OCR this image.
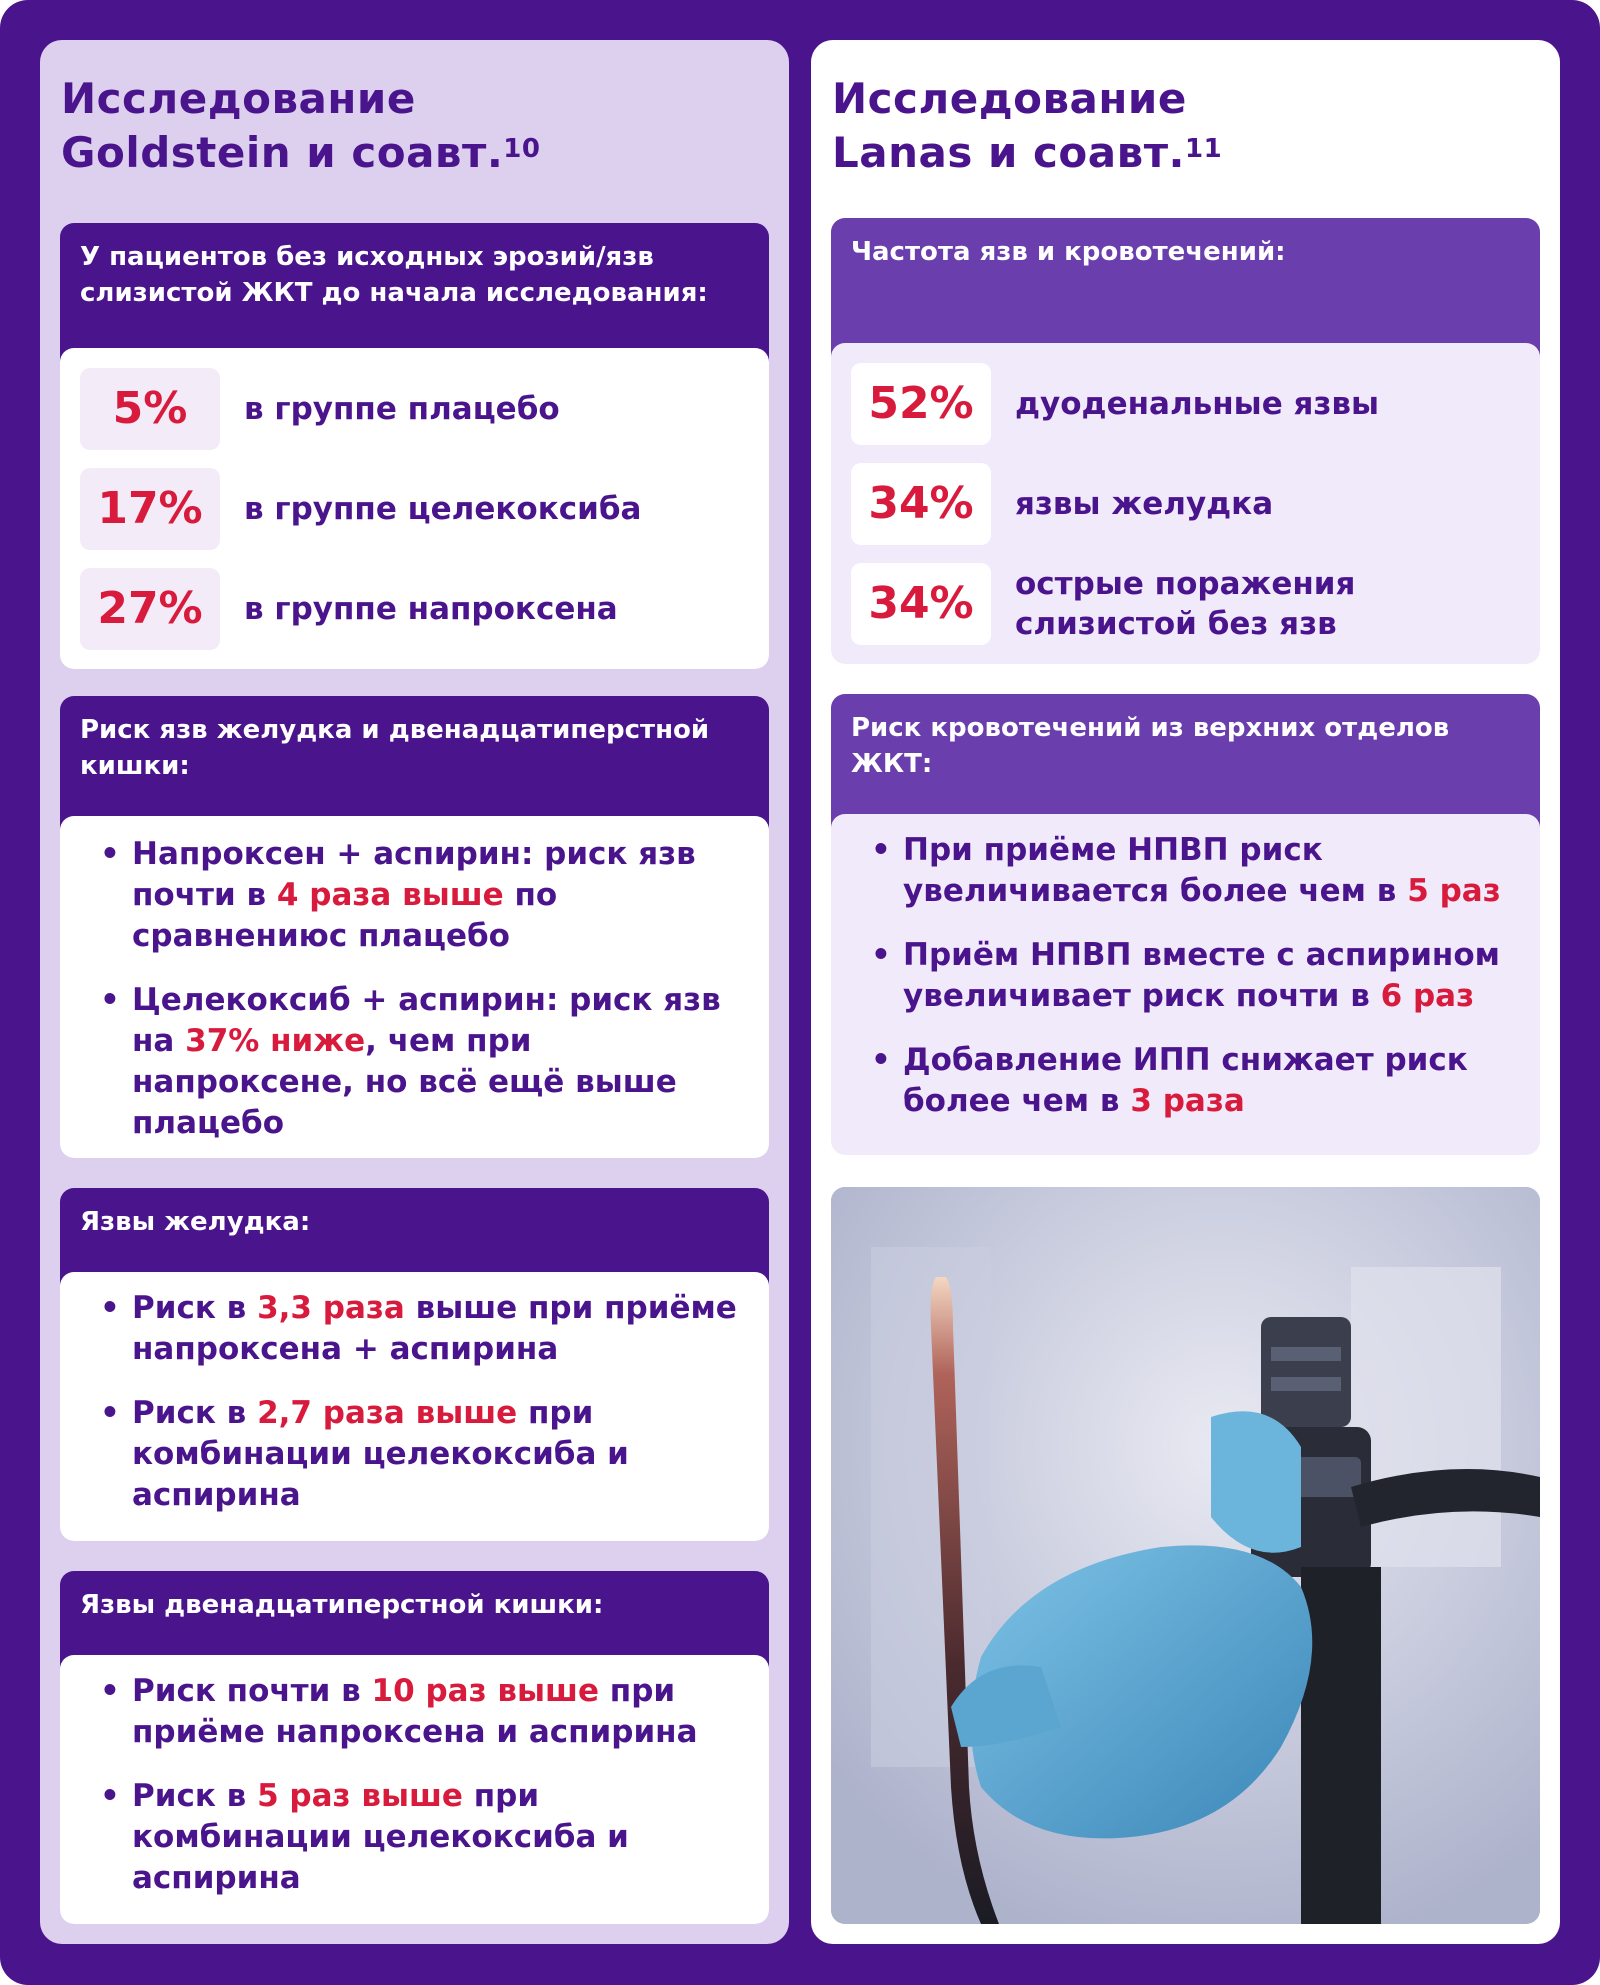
Исследование
Goldstein и соавт.$^{10}$
У пациентов без исходных эрозий/язв слизистой ЖКТ до начала исследования:
5%	в группе плацебо
17%	в группе целекоксиба
27%	в группе напроксена
Риск язв желудка и двенадцатиперстной кишки:
• Напроксен + аспирин: риск язв почти в 4 раза выше по сравнениюс плацебо
• Целекоксиб + аспирин: риск язв на 37% ниже, чем при напроксене, но всё ещё выше плацебо
Язвы желудка:
• Риск в 3,3 раза выше при приёме напроксена + аспирина
• Риск в 2,7 раза выше при комбинации целекоксиба и аспирина
Язвы двенадцатиперстной кишки:
• Риск почти в 10 раз выше при приёме напроксена и аспирина
• Риск в 5 раз выше при комбинации целекоксиба и аспирина
Исследование
Lanas и соавт.$^{11}$
Частота язв и кровотечений:
52%	дуоденальные язвы
34%	язвы желудка
34%	острые поражения слизистой без язв
Риск кровотечений из верхних отделов ЖКТ:
• При приёме НПВП риск увеличивается более чем в 5 раз
• Приём НПВП вместе с аспирином увеличивает риск почти в 6 раз
• Добавление ИПП снижает риск более чем в 3 раза
